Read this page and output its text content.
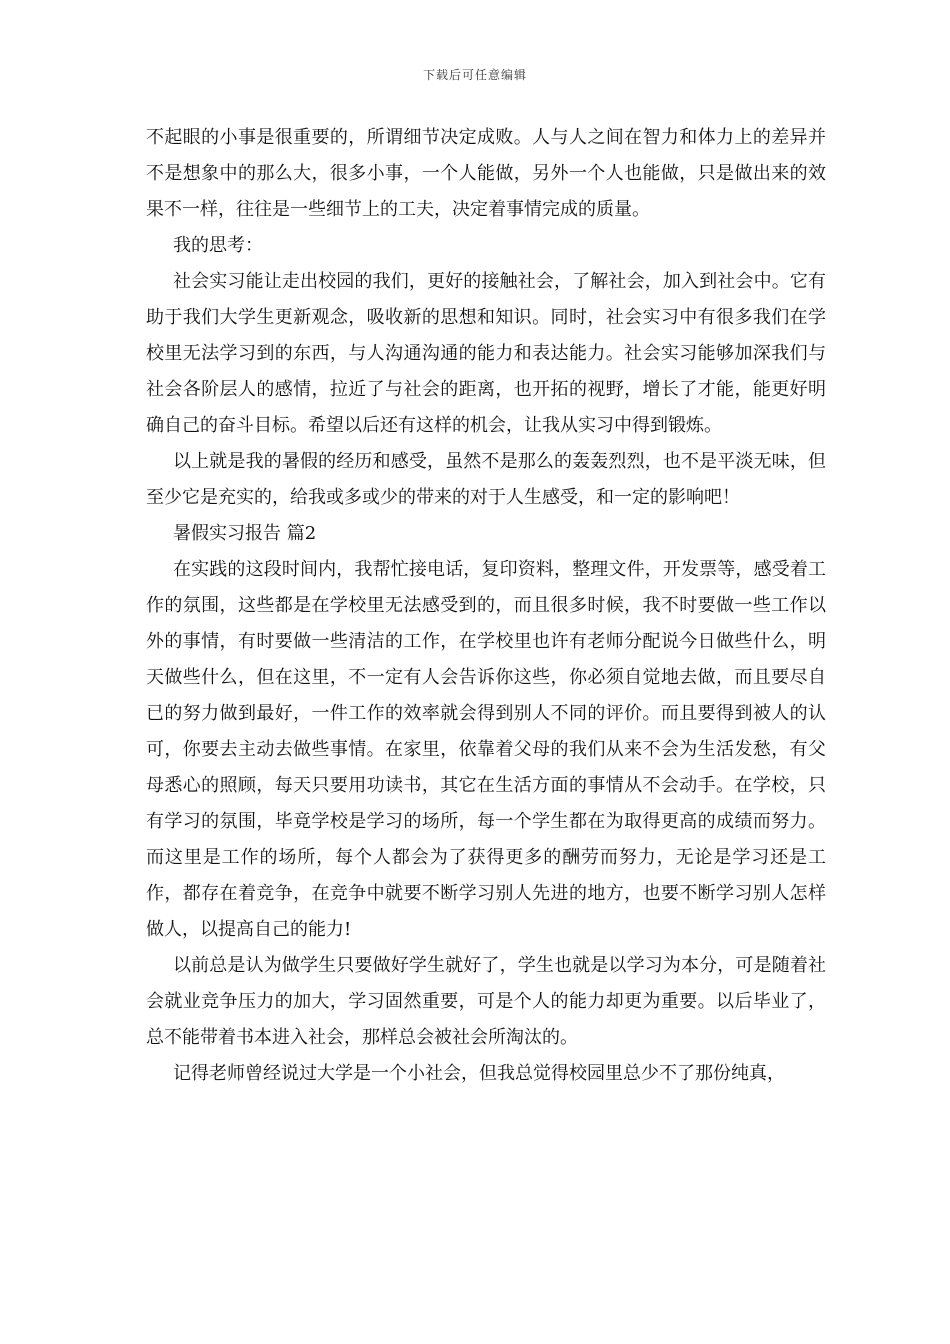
下载后可任意编辑

不起眼的小事是很重要的，所谓细节决定成败。人与人之间在智力和体力上的差异并不是想象中的那么大，很多小事，一个人能做，另外一个人也能做，只是做出来的效果不一样，往往是一些细节上的工夫，决定着事情完成的质量。

我的思考：

社会实习能让走出校园的我们，更好的接触社会，了解社会，加入到社会中。它有助于我们大学生更新观念，吸收新的思想和知识。同时，社会实习中有很多我们在学校里无法学习到的东西，与人沟通沟通的能力和表达能力。社会实习能够加深我们与社会各阶层人的感情，拉近了与社会的距离，也开拓的视野，增长了才能，能更好明确自己的奋斗目标。希望以后还有这样的机会，让我从实习中得到锻炼。

以上就是我的暑假的经历和感受，虽然不是那么的轰轰烈烈，也不是平淡无味，但至少它是充实的，给我或多或少的带来的对于人生感受，和一定的影响吧！

暑假实习报告 篇2

在实践的这段时间内，我帮忙接电话，复印资料，整理文件，开发票等，感受着工作的氛围，这些都是在学校里无法感受到的，而且很多时候，我不时要做一些工作以外的事情，有时要做一些清洁的工作，在学校里也许有老师分配说今日做些什么，明天做些什么，但在这里，不一定有人会告诉你这些，你必须自觉地去做，而且要尽自已的努力做到最好，一件工作的效率就会得到别人不同的评价。而且要得到被人的认可，你要去主动去做些事情。在家里，依靠着父母的我们从来不会为生活发愁，有父母悉心的照顾，每天只要用功读书，其它在生活方面的事情从不会动手。在学校，只有学习的氛围，毕竟学校是学习的场所，每一个学生都在为取得更高的成绩而努力。而这里是工作的场所，每个人都会为了获得更多的酬劳而努力，无论是学习还是工作，都存在着竞争，在竞争中就要不断学习别人先进的地方，也要不断学习别人怎样做人，以提高自己的能力!

以前总是认为做学生只要做好学生就好了，学生也就是以学习为本分，可是随着社会就业竞争压力的加大，学习固然重要，可是个人的能力却更为重要。以后毕业了，总不能带着书本进入社会，那样总会被社会所淘汰的。

记得老师曾经说过大学是一个小社会，但我总觉得校园里总少不了那份纯真，
